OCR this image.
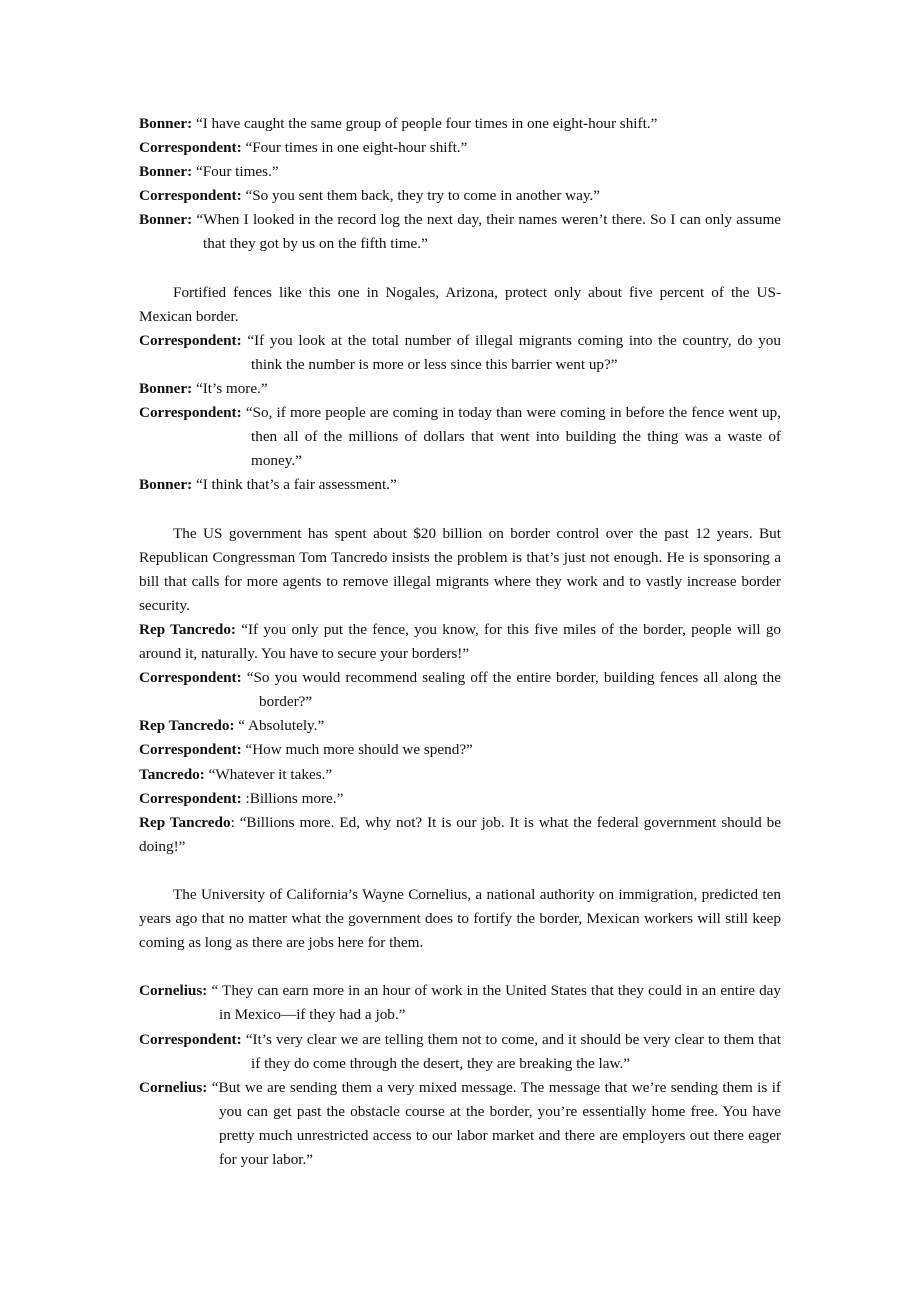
Bonner: “I have caught the same group of people four times in one eight-hour shift.”

Correspondent: “Four times in one eight-hour shift.”

Bonner: “Four times.”

Correspondent: “So you sent them back, they try to come in another way.”

Bonner: “When I looked in the record log the next day, their names weren’t there. So I can only assume that they got by us on the fifth time.”

Fortified fences like this one in Nogales, Arizona, protect only about five percent of the US-Mexican border.

Correspondent: “If you look at the total number of illegal migrants coming into the country, do you think the number is more or less since this barrier went up?”

Bonner: “It’s more.”

Correspondent: “So, if more people are coming in today than were coming in before the fence went up, then all of the millions of dollars that went into building the thing was a waste of money.”

Bonner: “I think that’s a fair assessment.”

The US government has spent about $20 billion on border control over the past 12 years. But Republican Congressman Tom Tancredo insists the problem is that’s just not enough. He is sponsoring a bill that calls for more agents to remove illegal migrants where they work and to vastly increase border security.

Rep Tancredo: “If you only put the fence, you know, for this five miles of the border, people will go around it, naturally. You have to secure your borders!”

Correspondent: “So you would recommend sealing off the entire border, building fences all along the border?”

Rep Tancredo: “ Absolutely.”

Correspondent: “How much more should we spend?”

Tancredo: “Whatever it takes.”

Correspondent: :Billions more.”

Rep Tancredo: “Billions more. Ed, why not? It is our job. It is what the federal government should be doing!”

The University of California’s Wayne Cornelius, a national authority on immigration, predicted ten years ago that no matter what the government does to fortify the border, Mexican workers will still keep coming as long as there are jobs here for them.

Cornelius: “ They can earn more in an hour of work in the United States that they could in an entire day in Mexico—if they had a job.”

Correspondent: “It’s very clear we are telling them not to come, and it should be very clear to them that if they do come through the desert, they are breaking the law.”

Cornelius: “But we are sending them a very mixed message. The message that we’re sending them is if you can get past the obstacle course at the border, you’re essentially home free. You have pretty much unrestricted access to our labor market and there are employers out there eager for your labor.”
